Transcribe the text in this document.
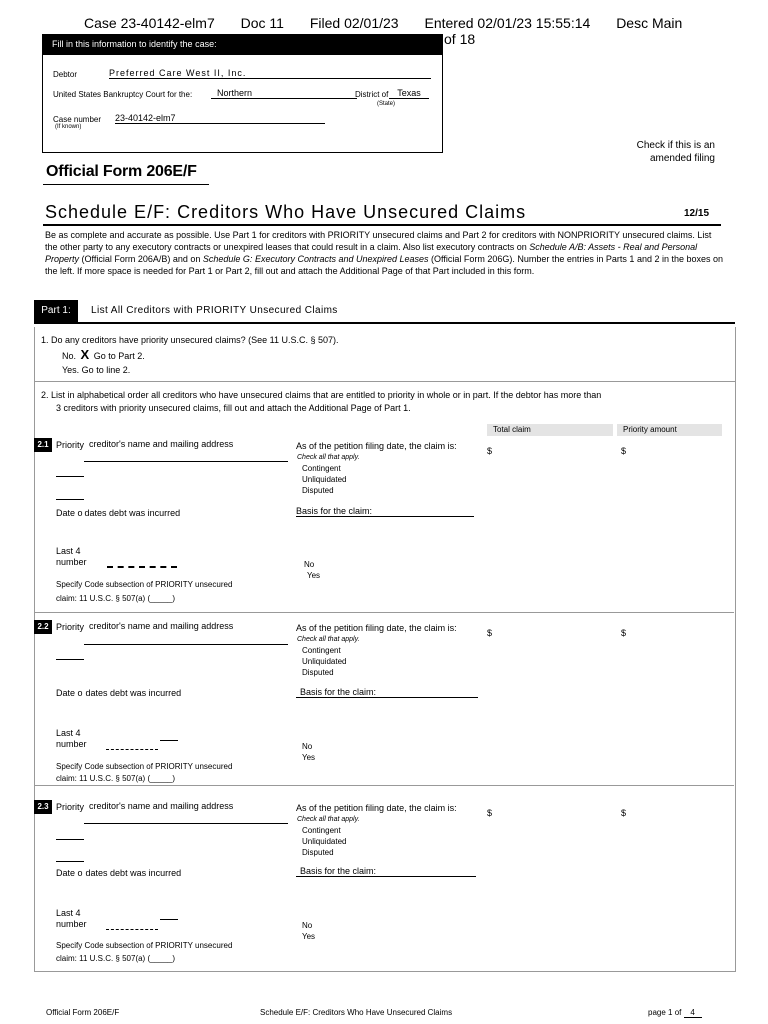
Case 23-40142-elm7 Doc 11 Filed 02/01/23 Entered 02/01/23 15:55:14 Desc Main
of 18
Fill in this information to identify the case:
Debtor	Preferred Care West II, Inc.
United States Bankruptcy Court for the:	Northern	District of Texas
(State)
Case number
(If known)
23-40142-elm7
Check if this is an amended filing
Official Form 206E/F
Schedule E/F: Creditors Who Have Unsecured Claims	12/15
Be as complete and accurate as possible. Use Part 1 for creditors with PRIORITY unsecured claims and Part 2 for creditors with NONPRIORITY unsecured claims. List the other party to any executory contracts or unexpired leases that could result in a claim. Also list executory contracts on Schedule A/B: Assets - Real and Personal Property (Official Form 206A/B) and on Schedule G: Executory Contracts and Unexpired Leases (Official Form 206G). Number the entries in Parts 1 and 2 in the boxes on the left. If more space is needed for Part 1 or Part 2, fill out and attach the Additional Page of that Part included in this form.
Part 1:	List All Creditors with PRIORITY Unsecured Claims
1. Do any creditors have priority unsecured claims? (See 11 U.S.C. § 507).
No. X Go to Part 2.
Yes. Go to line 2.
2. List in alphabetical order all creditors who have unsecured claims that are entitled to priority in whole or in part. If the debtor has more than
3 creditors with priority unsecured claims, fill out and attach the Additional Page of Part 1.
Total claim	Priority amount
2.1 Priority creditor's name and mailing address	As of the petition filing date, the claim is:
Check all that apply.
Contingent
Unliquidated
Disputed
$	$
Date o dates debt was incurred	Basis for the claim:
Last 4
number	No
Yes
Specify Code subsection of PRIORITY unsecured
claim: 11 U.S.C. § 507(a) (_____)
2.2 Priority creditor's name and mailing address	As of the petition filing date, the claim is:
Check all that apply.
Contingent
Unliquidated
Disputed
$	$
Date o dates debt was incurred	Basis for the claim:
Last 4
number	No
Yes
Specify Code subsection of PRIORITY unsecured
claim: 11 U.S.C. § 507(a) (_____)
2.3 Priority creditor's name and mailing address	As of the petition filing date, the claim is:
Check all that apply.
Contingent
Unliquidated
Disputed
$	$
Date o dates debt was incurred	Basis for the claim:
Last 4
number	No
Yes
Specify Code subsection of PRIORITY unsecured
claim: 11 U.S.C. § 507(a) (_____)
Official Form 206E/F	Schedule E/F: Creditors Who Have Unsecured Claims	page 1 of 4
